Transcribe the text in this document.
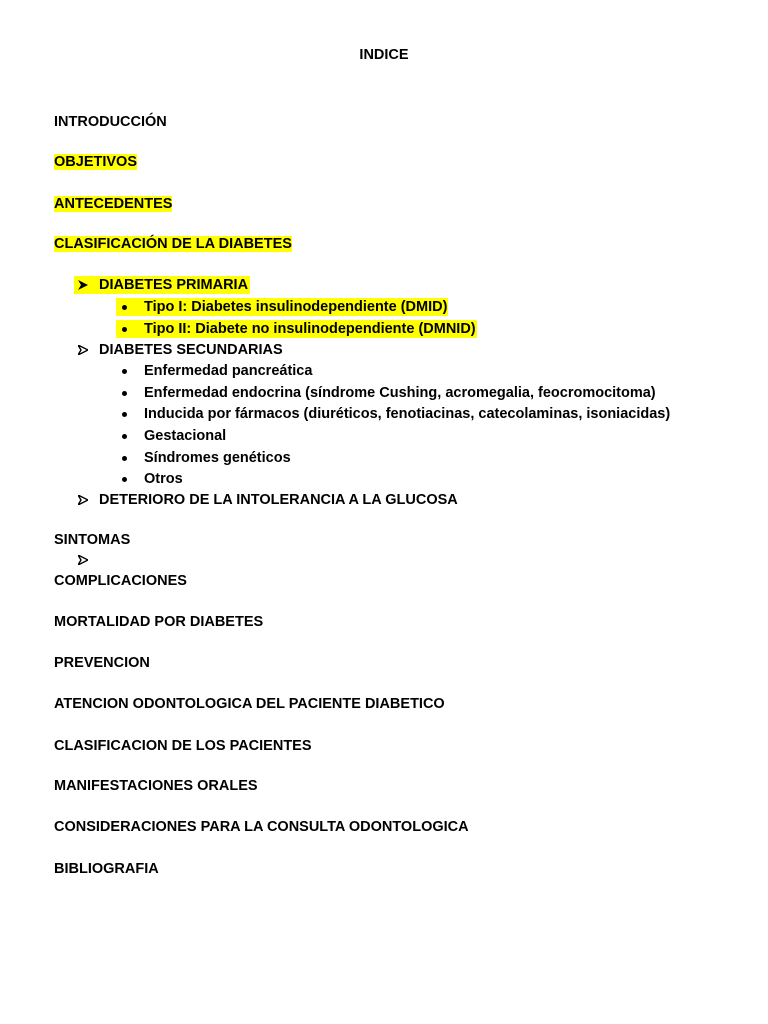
INDICE
INTRODUCCIÓN
OBJETIVOS
ANTECEDENTES
CLASIFICACIÓN DE LA DIABETES
DIABETES PRIMARIA
Tipo I: Diabetes insulinodependiente (DMID)
Tipo II: Diabete no insulinodependiente (DMNID)
DIABETES SECUNDARIAS
Enfermedad pancreática
Enfermedad endocrina (síndrome Cushing, acromegalia, feocromocitoma)
Inducida por fármacos (diuréticos, fenotiacinas, catecolaminas, isoniacidas)
Gestacional
Síndromes genéticos
Otros
DETERIORO DE LA INTOLERANCIA A LA GLUCOSA
SINTOMAS
COMPLICACIONES
MORTALIDAD POR DIABETES
PREVENCION
ATENCION ODONTOLOGICA DEL PACIENTE DIABETICO
CLASIFICACION DE LOS PACIENTES
MANIFESTACIONES ORALES
CONSIDERACIONES PARA LA CONSULTA ODONTOLOGICA
BIBLIOGRAFIA
